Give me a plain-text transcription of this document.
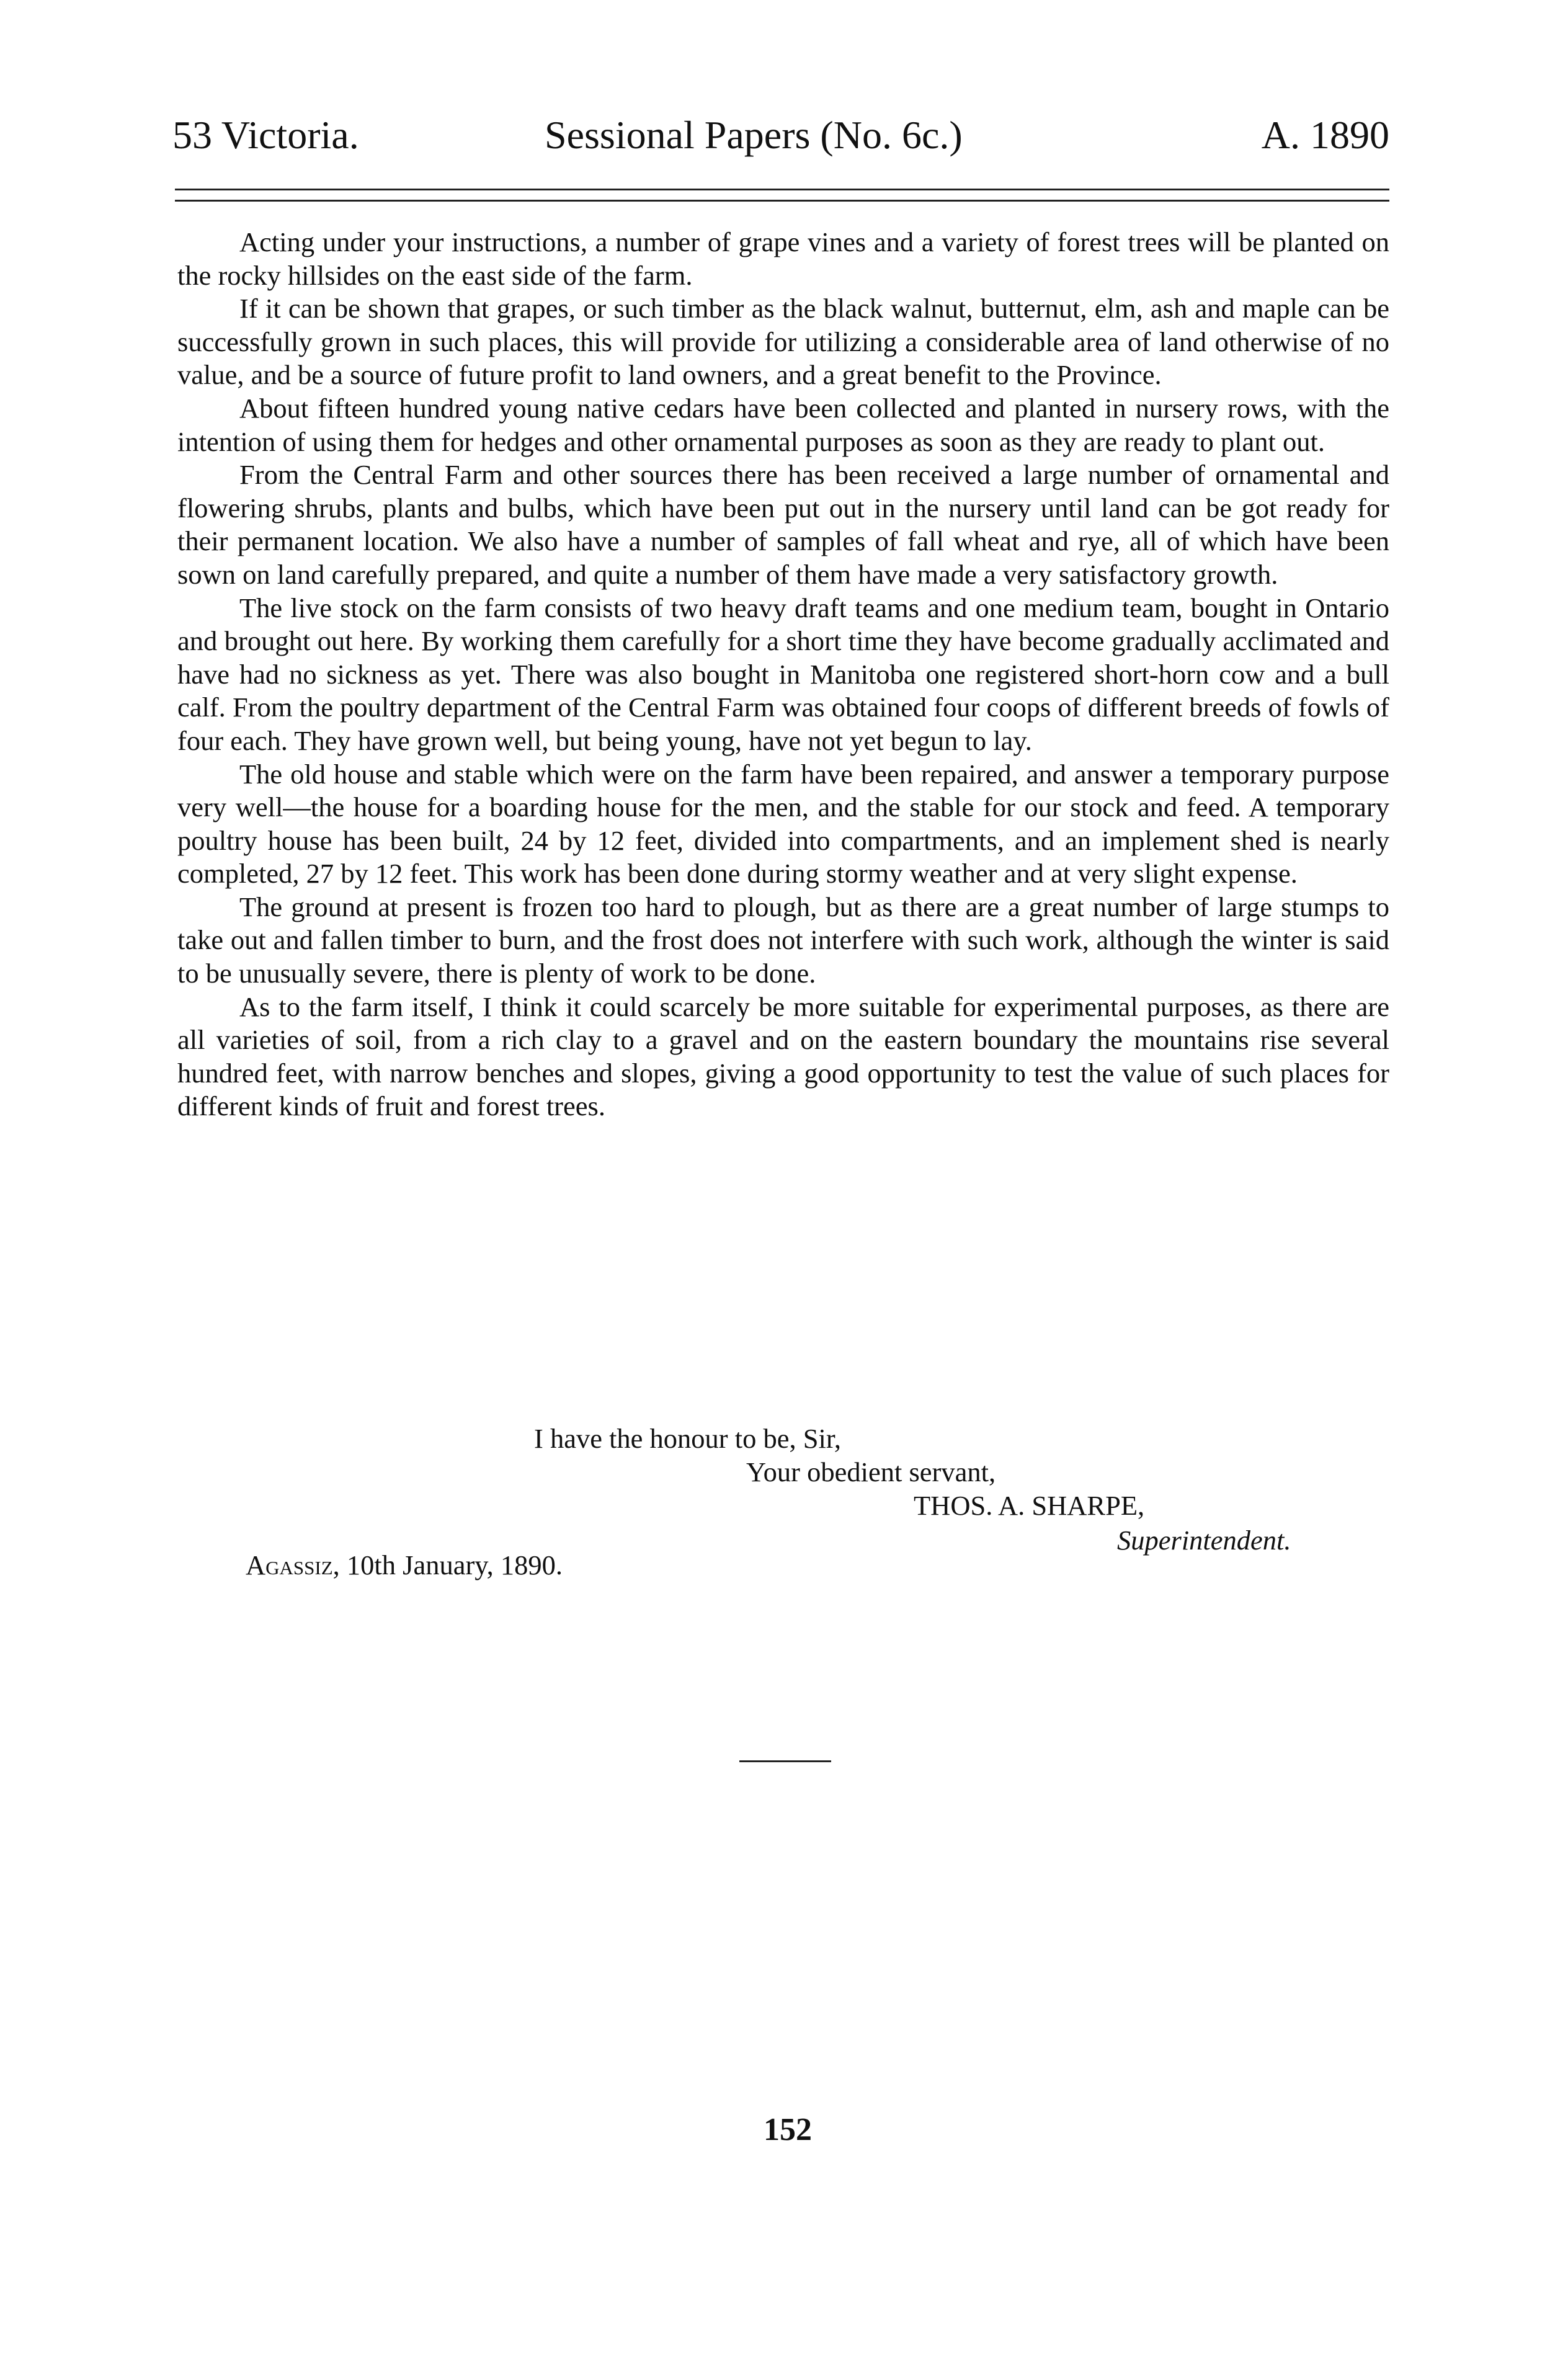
53 Victoria.	Sessional Papers (No. 6c.)	A. 1890

Acting under your instructions, a number of grape vines and a variety of forest trees will be planted on the rocky hillsides on the east side of the farm.

If it can be shown that grapes, or such timber as the black walnut, butternut, elm, ash and maple can be successfully grown in such places, this will provide for utilizing a considerable area of land otherwise of no value, and be a source of future profit to land owners, and a great benefit to the Province.

About fifteen hundred young native cedars have been collected and planted in nursery rows, with the intention of using them for hedges and other ornamental purposes as soon as they are ready to plant out.

From the Central Farm and other sources there has been received a large number of ornamental and flowering shrubs, plants and bulbs, which have been put out in the nursery until land can be got ready for their permanent location. We also have a number of samples of fall wheat and rye, all of which have been sown on land carefully prepared, and quite a number of them have made a very satisfactory growth.

The live stock on the farm consists of two heavy draft teams and one medium team, bought in Ontario and brought out here. By working them carefully for a short time they have become gradually acclimated and have had no sickness as yet. There was also bought in Manitoba one registered short-horn cow and a bull calf. From the poultry department of the Central Farm was obtained four coops of different breeds of fowls of four each. They have grown well, but being young, have not yet begun to lay.

The old house and stable which were on the farm have been repaired, and answer a temporary purpose very well—the house for a boarding house for the men, and the stable for our stock and feed. A temporary poultry house has been built, 24 by 12 feet, divided into compartments, and an implement shed is nearly completed, 27 by 12 feet. This work has been done during stormy weather and at very slight expense.

The ground at present is frozen too hard to plough, but as there are a great number of large stumps to take out and fallen timber to burn, and the frost does not interfere with such work, although the winter is said to be unusually severe, there is plenty of work to be done.

As to the farm itself, I think it could scarcely be more suitable for experimental purposes, as there are all varieties of soil, from a rich clay to a gravel and on the eastern boundary the mountains rise several hundred feet, with narrow benches and slopes, giving a good opportunity to test the value of such places for different kinds of fruit and forest trees.

I have the honour to be, Sir,
Your obedient servant,
THOS. A. SHARPE,
Superintendent.
Agassiz, 10th January, 1890.
152
